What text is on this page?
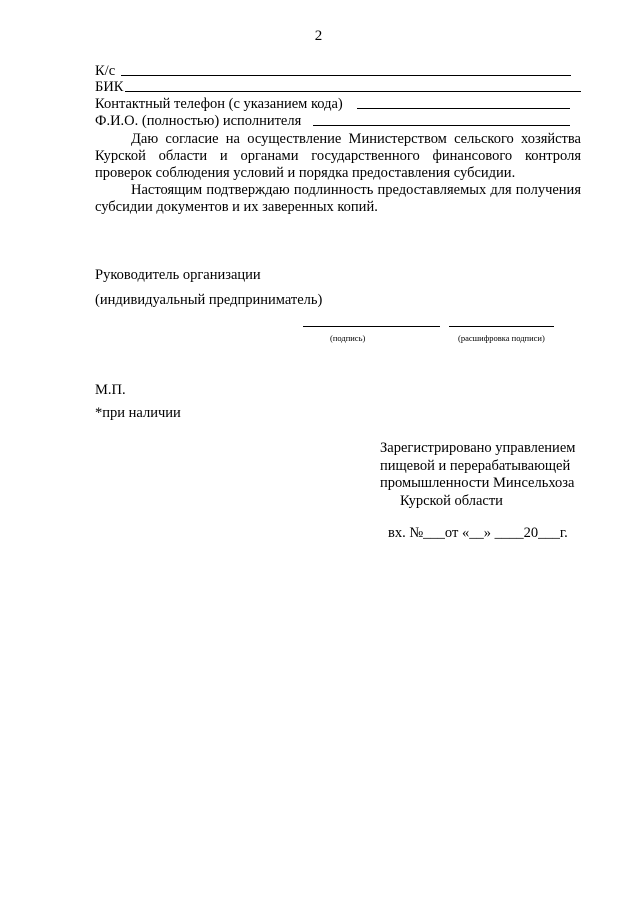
2
К/с
БИК
Контактный телефон (с указанием кода)
Ф.И.О. (полностью) исполнителя
Даю согласие на осуществление Министерством сельского хозяйства Курской области и органами государственного финансового контроля проверок соблюдения условий и порядка предоставления субсидии.
Настоящим подтверждаю подлинность предоставляемых для получения субсидии документов и их заверенных копий.
Руководитель организации
(индивидуальный предприниматель)
(подпись)	(расшифровка подписи)
М.П.
*при наличии
Зарегистрировано управлением
пищевой и перерабатывающей
промышленности Минсельхоза
Курской области
вх. №___от «__» ____20___г.
